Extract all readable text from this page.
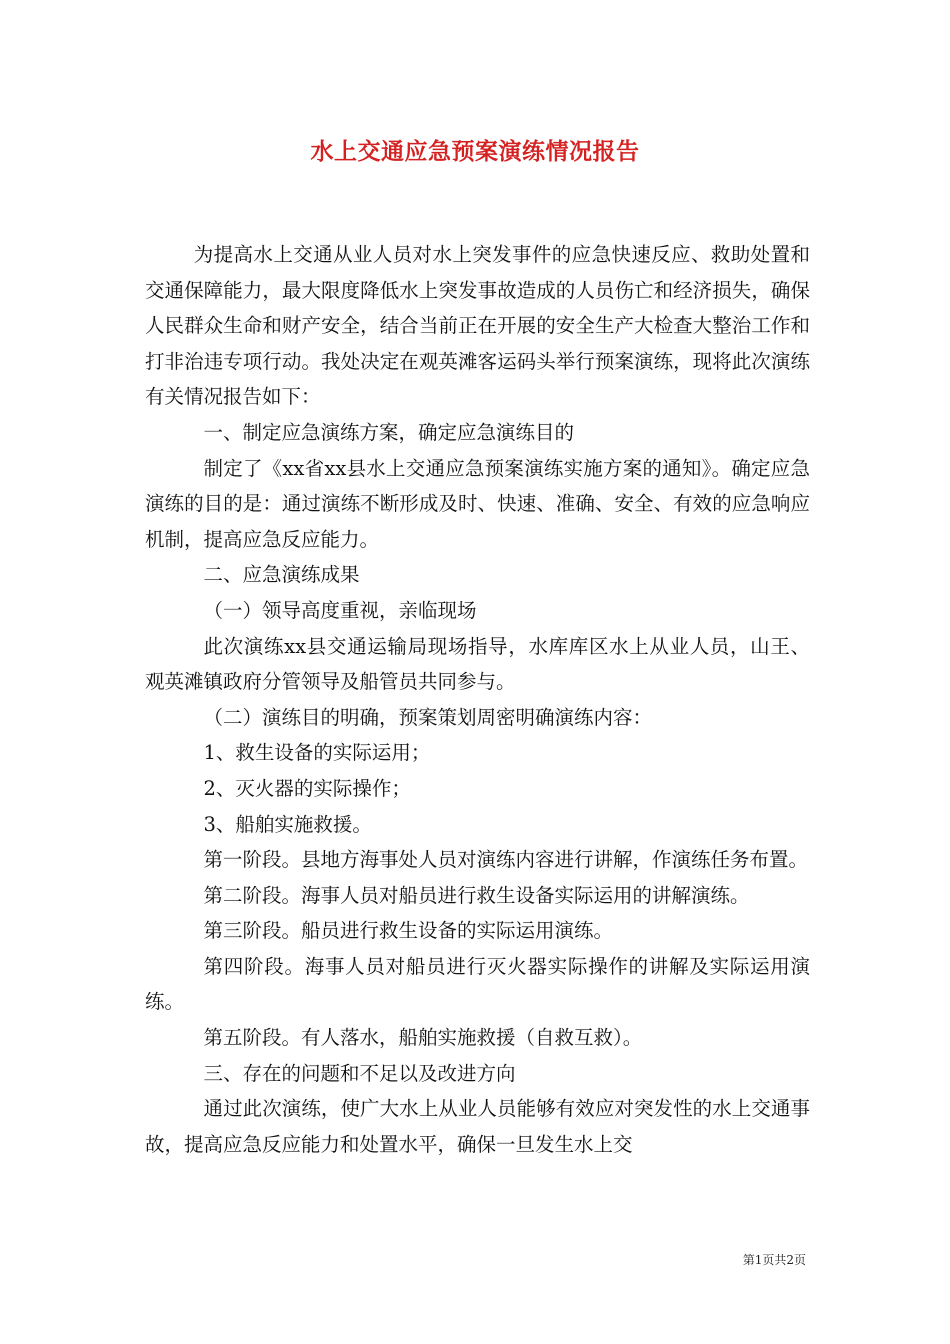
水上交通应急预案演练情况报告

为提高水上交通从业人员对水上突发事件的应急快速反应、救助处置和交通保障能力，最大限度降低水上突发事故造成的人员伤亡和经济损失，确保人民群众生命和财产安全，结合当前正在开展的安全生产大检查大整治工作和打非治违专项行动。我处决定在观英滩客运码头举行预案演练，现将此次演练有关情况报告如下：

一、制定应急演练方案，确定应急演练目的

制定了《xx省xx县水上交通应急预案演练实施方案的通知》。确定应急演练的目的是：通过演练不断形成及时、快速、准确、安全、有效的应急响应机制，提高应急反应能力。

二、应急演练成果

（一）领导高度重视，亲临现场

此次演练xx县交通运输局现场指导，水库库区水上从业人员，山王、观英滩镇政府分管领导及船管员共同参与。

（二）演练目的明确，预案策划周密明确演练内容：

1、救生设备的实际运用；

2、灭火器的实际操作；

3、船舶实施救援。

第一阶段。县地方海事处人员对演练内容进行讲解，作演练任务布置。

第二阶段。海事人员对船员进行救生设备实际运用的讲解演练。

第三阶段。船员进行救生设备的实际运用演练。

第四阶段。海事人员对船员进行灭火器实际操作的讲解及实际运用演练。

第五阶段。有人落水，船舶实施救援（自救互救）。

三、存在的问题和不足以及改进方向

通过此次演练，使广大水上从业人员能够有效应对突发性的水上交通事故，提高应急反应能力和处置水平，确保一旦发生水上交

第1页共2页
